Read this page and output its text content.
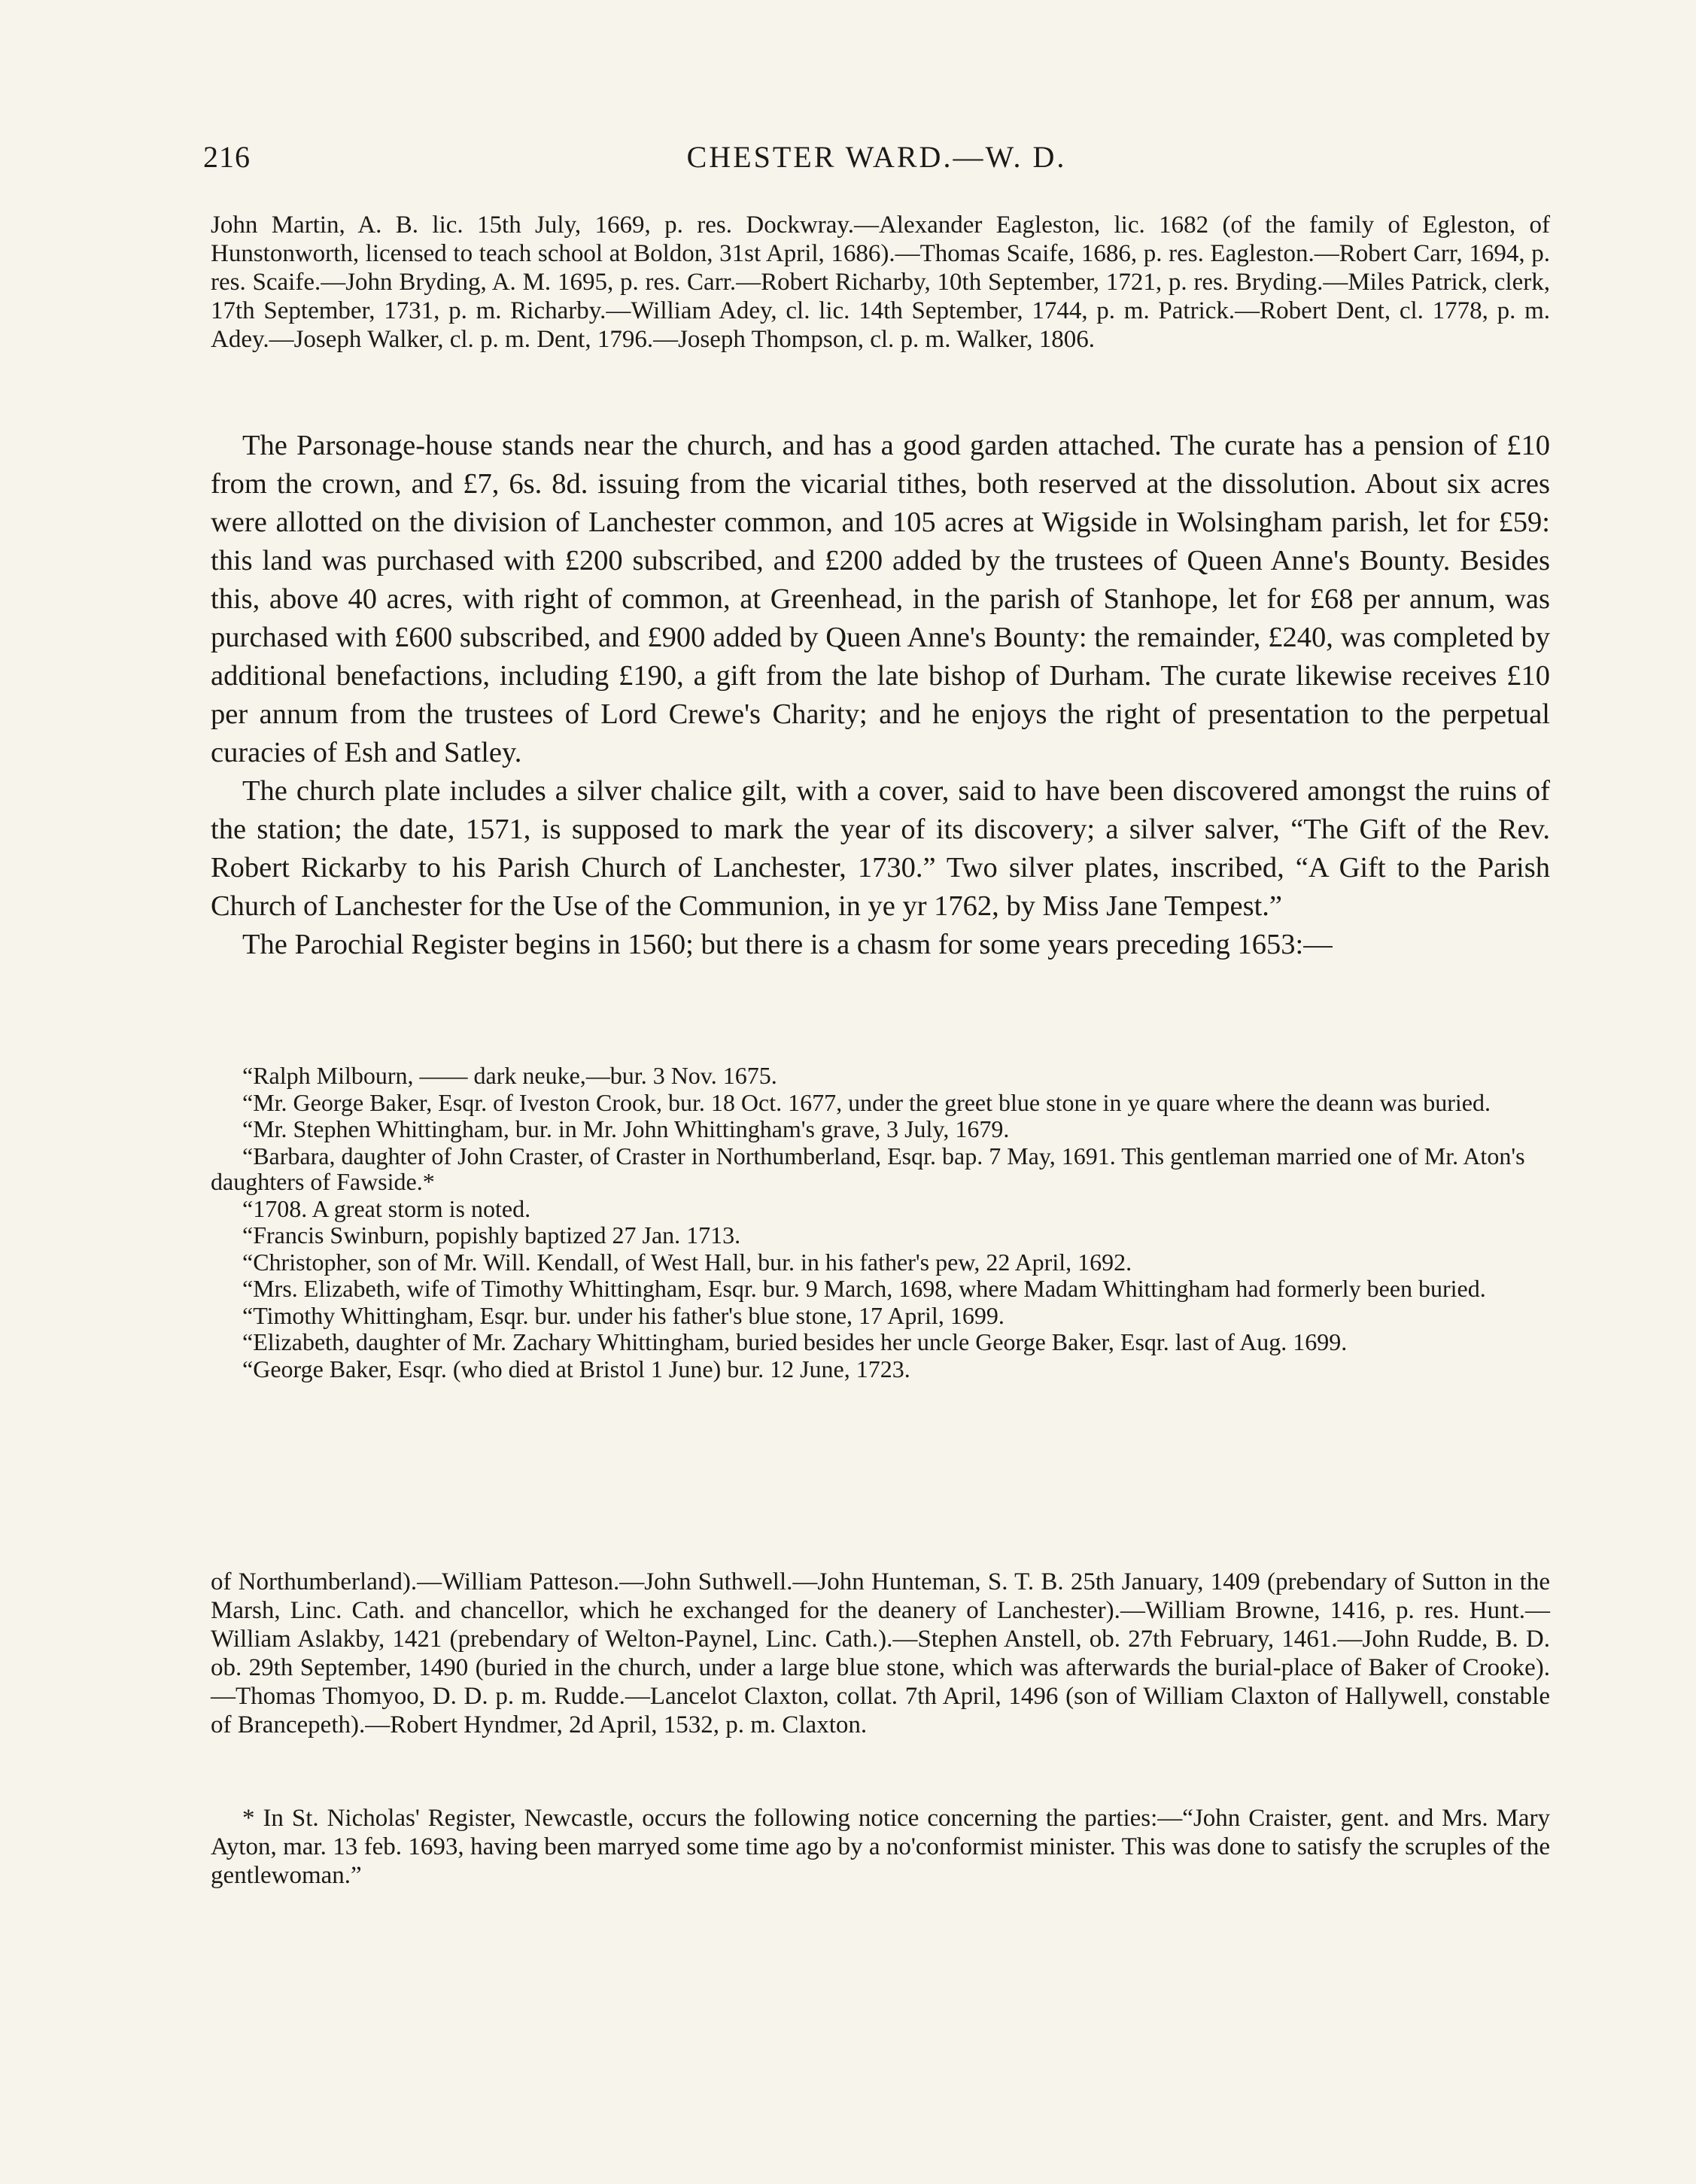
216	CHESTER WARD.—W. D.
John Martin, A. B. lic. 15th July, 1669, p. res. Dockwray.—Alexander Eagleston, lic. 1682 (of the family of Egleston, of Hunstonworth, licensed to teach school at Boldon, 31st April, 1686).—Thomas Scaife, 1686, p. res. Eagleston.—Robert Carr, 1694, p. res. Scaife.—John Bryding, A. M. 1695, p. res. Carr.—Robert Richarby, 10th September, 1721, p. res. Bryding.—Miles Patrick, clerk, 17th September, 1731, p. m. Richarby.—William Adey, cl. lic. 14th September, 1744, p. m. Patrick.—Robert Dent, cl. 1778, p. m. Adey.—Joseph Walker, cl. p. m. Dent, 1796.—Joseph Thompson, cl. p. m. Walker, 1806.

The Parsonage-house stands near the church, and has a good garden attached. The curate has a pension of £10 from the crown, and £7, 6s. 8d. issuing from the vicarial tithes, both reserved at the dissolution. About six acres were allotted on the division of Lanchester common, and 105 acres at Wigside in Wolsingham parish, let for £59: this land was purchased with £200 subscribed, and £200 added by the trustees of Queen Anne's Bounty. Besides this, above 40 acres, with right of common, at Greenhead, in the parish of Stanhope, let for £68 per annum, was purchased with £600 subscribed, and £900 added by Queen Anne's Bounty: the remainder, £240, was completed by additional benefactions, including £190, a gift from the late bishop of Durham. The curate likewise receives £10 per annum from the trustees of Lord Crewe's Charity; and he enjoys the right of presentation to the perpetual curacies of Esh and Satley.

The church plate includes a silver chalice gilt, with a cover, said to have been discovered amongst the ruins of the station; the date, 1571, is supposed to mark the year of its discovery; a silver salver, “The Gift of the Rev. Robert Rickarby to his Parish Church of Lanchester, 1730.” Two silver plates, inscribed, “A Gift to the Parish Church of Lanchester for the Use of the Communion, in ye yr 1762, by Miss Jane Tempest.”

The Parochial Register begins in 1560; but there is a chasm for some years preceding 1653:—

“Ralph Milbourn, —— dark neuke,—bur. 3 Nov. 1675.

“Mr. George Baker, Esqr. of Iveston Crook, bur. 18 Oct. 1677, under the greet blue stone in ye quare where the deann was buried.

“Mr. Stephen Whittingham, bur. in Mr. John Whittingham's grave, 3 July, 1679.

“Barbara, daughter of John Craster, of Craster in Northumberland, Esqr. bap. 7 May, 1691. This gentleman married one of Mr. Aton's daughters of Fawside.*

“1708. A great storm is noted.

“Francis Swinburn, popishly baptized 27 Jan. 1713.

“Christopher, son of Mr. Will. Kendall, of West Hall, bur. in his father's pew, 22 April, 1692.

“Mrs. Elizabeth, wife of Timothy Whittingham, Esqr. bur. 9 March, 1698, where Madam Whittingham had formerly been buried.

“Timothy Whittingham, Esqr. bur. under his father's blue stone, 17 April, 1699.

“Elizabeth, daughter of Mr. Zachary Whittingham, buried besides her uncle George Baker, Esqr. last of Aug. 1699.

“George Baker, Esqr. (who died at Bristol 1 June) bur. 12 June, 1723.

of Northumberland).—William Patteson.—John Suthwell.—John Hunteman, S. T. B. 25th January, 1409 (prebendary of Sutton in the Marsh, Linc. Cath. and chancellor, which he exchanged for the deanery of Lanchester).—William Browne, 1416, p. res. Hunt.—William Aslakby, 1421 (prebendary of Welton-Paynel, Linc. Cath.).—Stephen Anstell, ob. 27th February, 1461.—John Rudde, B. D. ob. 29th September, 1490 (buried in the church, under a large blue stone, which was afterwards the burial-place of Baker of Crooke).—Thomas Thomyoo, D. D. p. m. Rudde.—Lancelot Claxton, collat. 7th April, 1496 (son of William Claxton of Hallywell, constable of Brancepeth).—Robert Hyndmer, 2d April, 1532, p. m. Claxton.

* In St. Nicholas' Register, Newcastle, occurs the following notice concerning the parties:—“John Craister, gent. and Mrs. Mary Ayton, mar. 13 feb. 1693, having been marryed some time ago by a no'conformist minister. This was done to satisfy the scruples of the gentlewoman.”
